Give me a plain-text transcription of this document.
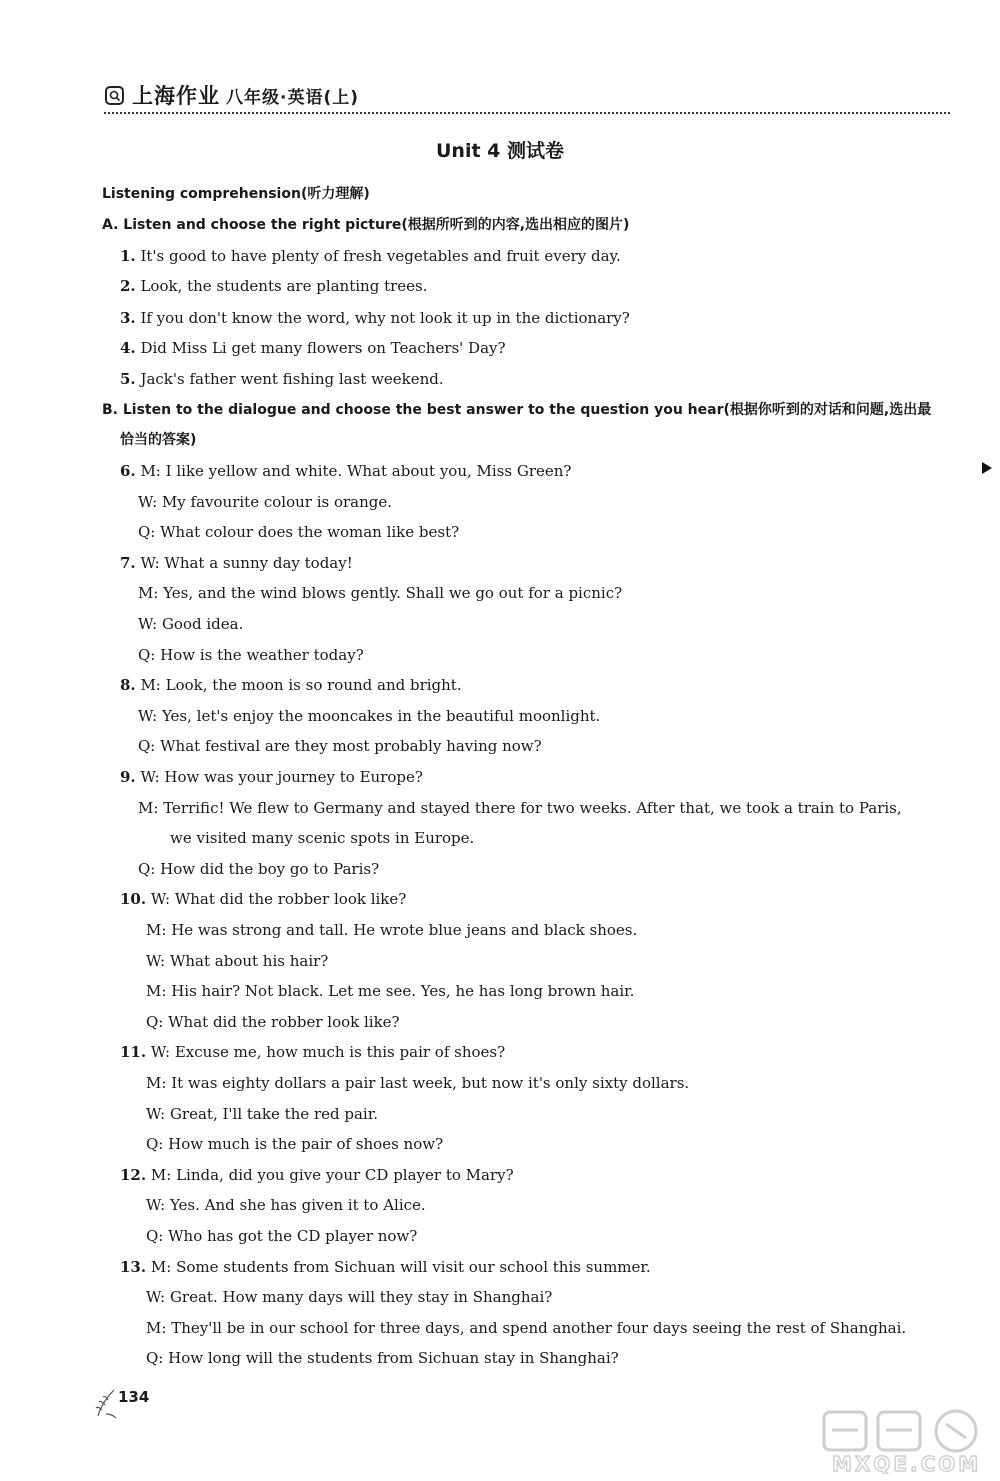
上海作业 八年级·英语(上)
Unit 4 测试卷
Listening comprehension(听力理解)
A. Listen and choose the right picture(根据所听到的内容,选出相应的图片)
1. It's good to have plenty of fresh vegetables and fruit every day.
2. Look, the students are planting trees.
3. If you don't know the word, why not look it up in the dictionary?
4. Did Miss Li get many flowers on Teachers' Day?
5. Jack's father went fishing last weekend.
B. Listen to the dialogue and choose the best answer to the question you hear(根据你听到的对话和问题,选出最
恰当的答案)
6. M: I like yellow and white. What about you, Miss Green?
W: My favourite colour is orange.
Q: What colour does the woman like best?
7. W: What a sunny day today!
M: Yes, and the wind blows gently. Shall we go out for a picnic?
W: Good idea.
Q: How is the weather today?
8. M: Look, the moon is so round and bright.
W: Yes, let's enjoy the mooncakes in the beautiful moonlight.
Q: What festival are they most probably having now?
9. W: How was your journey to Europe?
M: Terrific! We flew to Germany and stayed there for two weeks. After that, we took a train to Paris,
we visited many scenic spots in Europe.
Q: How did the boy go to Paris?
10. W: What did the robber look like?
M: He was strong and tall. He wrote blue jeans and black shoes.
W: What about his hair?
M: His hair? Not black. Let me see. Yes, he has long brown hair.
Q: What did the robber look like?
11. W: Excuse me, how much is this pair of shoes?
M: It was eighty dollars a pair last week, but now it's only sixty dollars.
W: Great, I'll take the red pair.
Q: How much is the pair of shoes now?
12. M: Linda, did you give your CD player to Mary?
W: Yes. And she has given it to Alice.
Q: Who has got the CD player now?
13. M: Some students from Sichuan will visit our school this summer.
W: Great. How many days will they stay in Shanghai?
M: They'll be in our school for three days, and spend another four days seeing the rest of Shanghai.
Q: How long will the students from Sichuan stay in Shanghai?
134
MXQE.COM
